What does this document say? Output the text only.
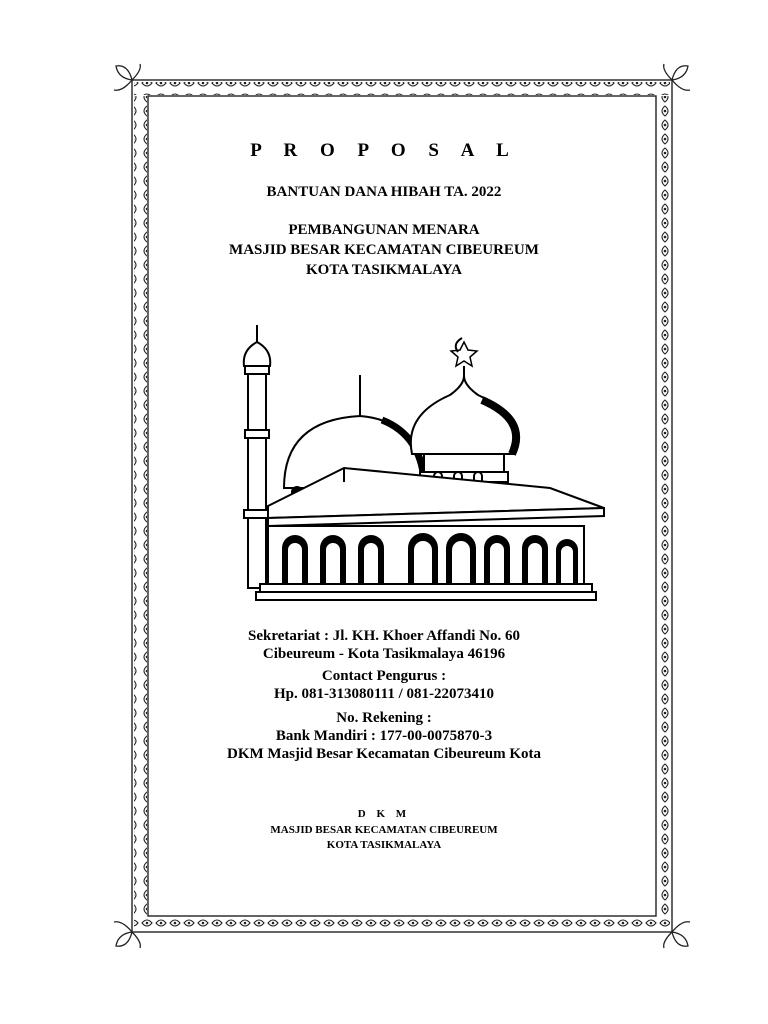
P R O P O S A L
BANTUAN DANA HIBAH TA. 2022
PEMBANGUNAN MENARA
MASJID BESAR KECAMATAN CIBEUREUM
KOTA TASIKMALAYA
Sekretariat : Jl. KH. Khoer Affandi No. 60
Cibeureum - Kota Tasikmalaya 46196
Contact Pengurus :
Hp. 081-313080111 / 081-22073410
No. Rekening :
Bank Mandiri : 177-00-0075870-3
DKM Masjid Besar Kecamatan Cibeureum Kota
D K M
MASJID BESAR KECAMATAN CIBEUREUM
KOTA TASIKMALAYA
